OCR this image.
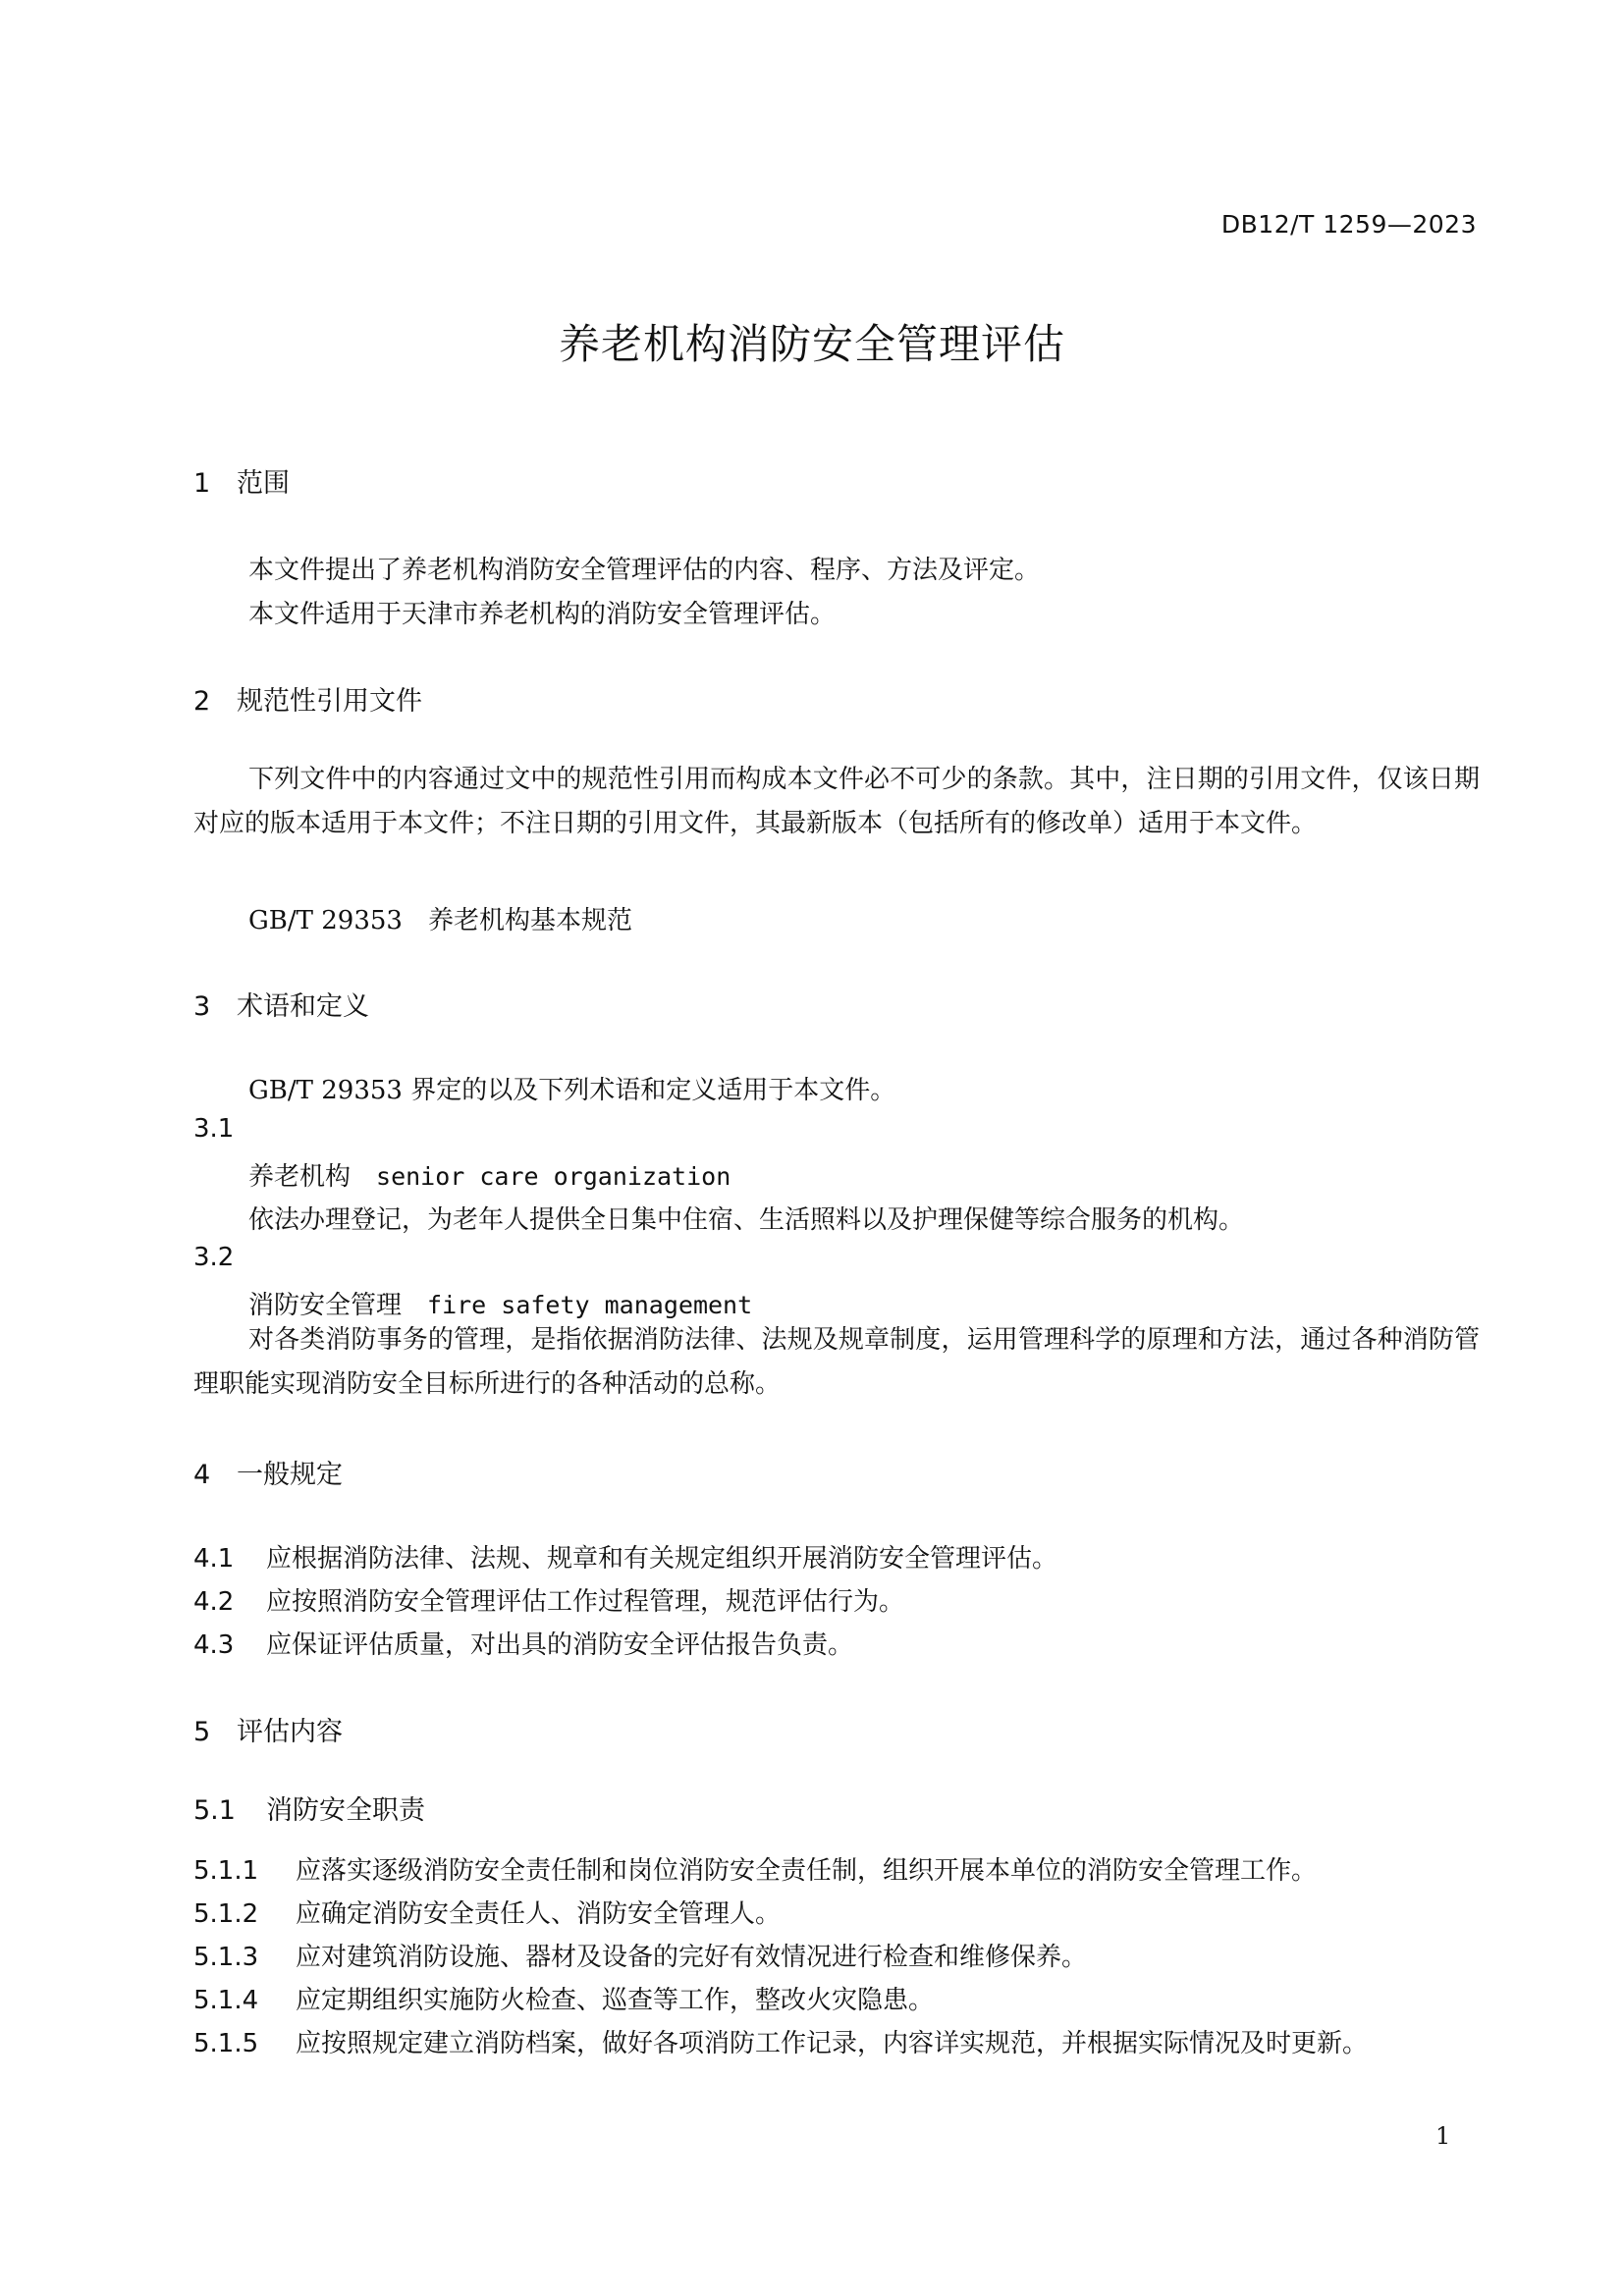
DB12/T 1259—2023
养老机构消防安全管理评估
1 范围
本文件提出了养老机构消防安全管理评估的内容、程序、方法及评定。
本文件适用于天津市养老机构的消防安全管理评估。
2 规范性引用文件
下列文件中的内容通过文中的规范性引用而构成本文件必不可少的条款。其中，注日期的引用文件，仅该日期对应的版本适用于本文件；不注日期的引用文件，其最新版本（包括所有的修改单）适用于本文件。
GB/T 29353　养老机构基本规范
3 术语和定义
GB/T 29353 界定的以及下列术语和定义适用于本文件。
3.1
养老机构 senior care organization
依法办理登记，为老年人提供全日集中住宿、生活照料以及护理保健等综合服务的机构。
3.2
消防安全管理 fire safety management
对各类消防事务的管理，是指依据消防法律、法规及规章制度，运用管理科学的原理和方法，通过各种消防管理职能实现消防安全目标所进行的各种活动的总称。
4 一般规定
4.1 应根据消防法律、法规、规章和有关规定组织开展消防安全管理评估。
4.2 应按照消防安全管理评估工作过程管理，规范评估行为。
4.3 应保证评估质量，对出具的消防安全评估报告负责。
5 评估内容
5.1 消防安全职责
5.1.1 应落实逐级消防安全责任制和岗位消防安全责任制，组织开展本单位的消防安全管理工作。
5.1.2 应确定消防安全责任人、消防安全管理人。
5.1.3 应对建筑消防设施、器材及设备的完好有效情况进行检查和维修保养。
5.1.4 应定期组织实施防火检查、巡查等工作，整改火灾隐患。
5.1.5 应按照规定建立消防档案，做好各项消防工作记录，内容详实规范，并根据实际情况及时更新。
1
